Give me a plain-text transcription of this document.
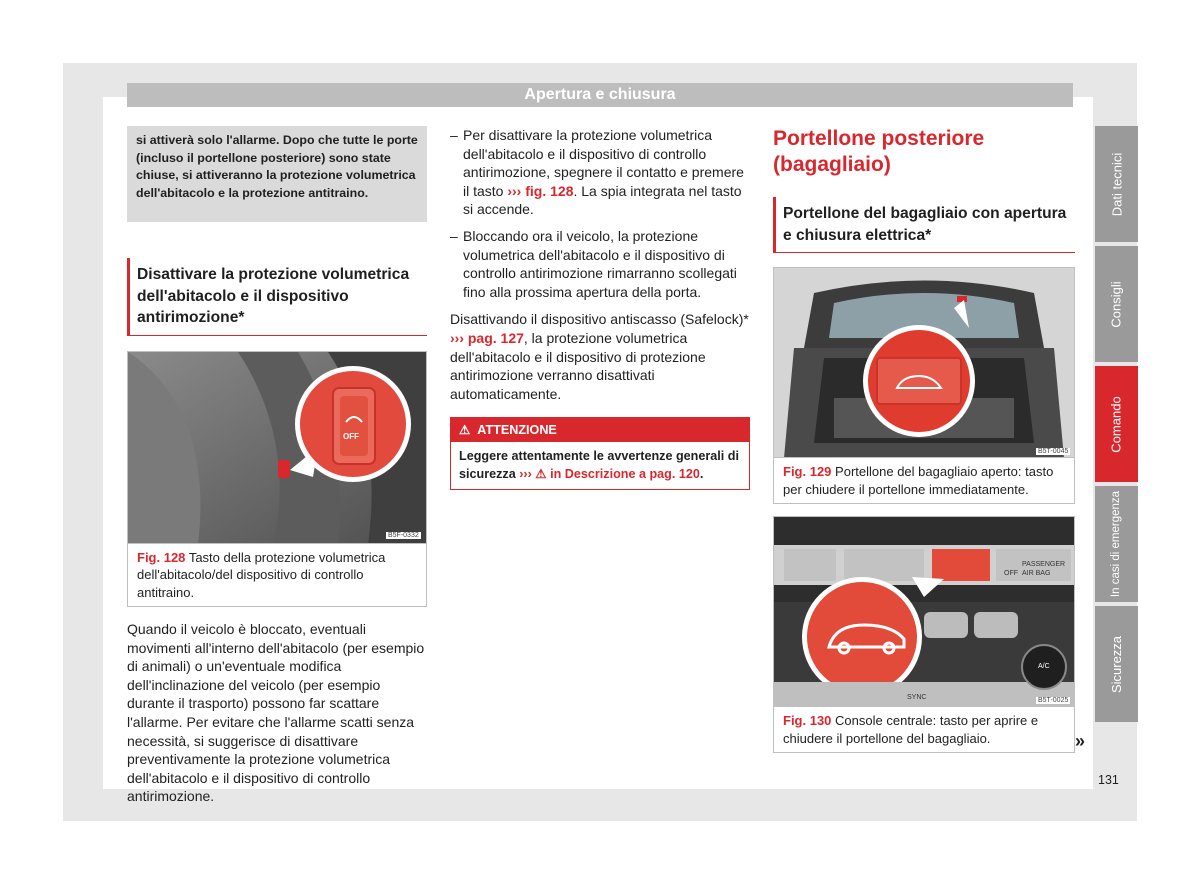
Apertura e chiusura
si attiverà solo l'allarme. Dopo che tutte le porte (incluso il portellone posteriore) sono state chiuse, si attiveranno la protezione volumetrica dell'abitacolo e la protezione antitraino.
Disattivare la protezione volumetrica dell'abitacolo e il dispositivo antirimozione*
B5F-0332
OFF
Fig. 128 Tasto della protezione volumetrica dell'abitacolo/del dispositivo di controllo antitraino.

Quando il veicolo è bloccato, eventuali movimenti all'interno dell'abitacolo (per esempio di animali) o un'eventuale modifica dell'inclinazione del veicolo (per esempio durante il trasporto) possono far scattare l'allarme. Per evitare che l'allarme scatti senza necessità, si suggerisce di disattivare preventivamente la protezione volumetrica dell'abitacolo e il dispositivo di controllo antirimozione.

– Per disattivare la protezione volumetrica dell'abitacolo e il dispositivo di controllo antirimozione, spegnere il contatto e premere il tasto ››› fig. 128. La spia integrata nel tasto si accende.
– Bloccando ora il veicolo, la protezione volumetrica dell'abitacolo e il dispositivo di controllo antirimozione rimarranno scollegati fino alla prossima apertura della porta.

Disattivando il dispositivo antiscasso (Safelock)* ››› pag. 127, la protezione volumetrica dell'abitacolo e il dispositivo di protezione antirimozione verranno disattivati automaticamente.

⚠ ATTENZIONE
Leggere attentamente le avvertenze generali di sicurezza ››› ⚠ in Descrizione a pag. 120.
Portellone posteriore (bagagliaio)
Portellone del bagagliaio con apertura e chiusura elettrica*
B5T-0045
Fig. 129 Portellone del bagagliaio aperto: tasto per chiudere il portellone immediatamente.
PASSENGER
AIR BAG
OFF
SYNC
A/C
B5T-0025
Fig. 130 Console centrale: tasto per aprire e chiudere il portellone del bagagliaio.
Dati tecnici
Consigli
Comando
In casi di emergenza
Sicurezza
»
131
